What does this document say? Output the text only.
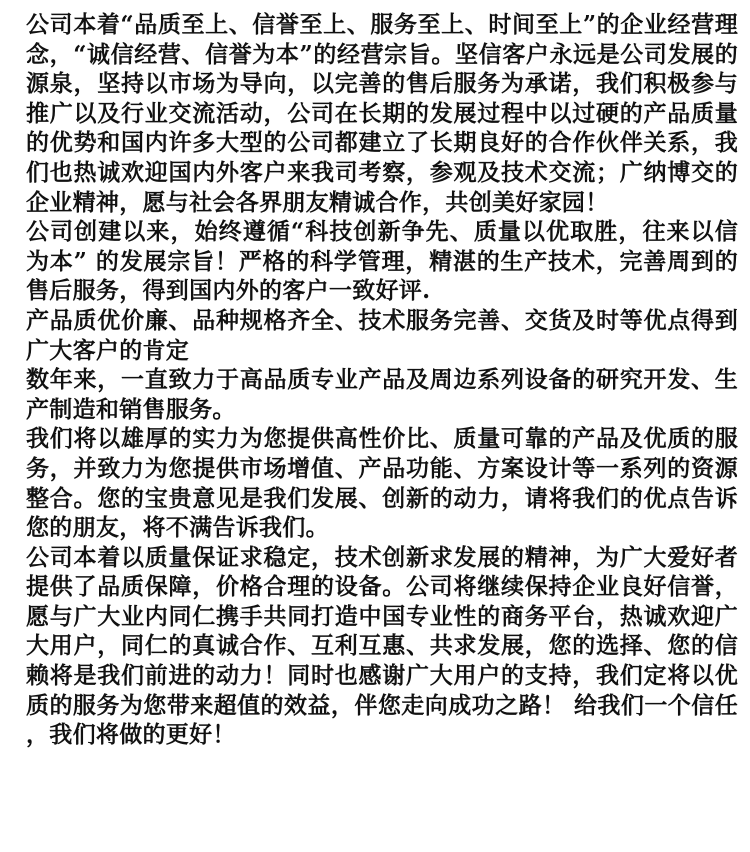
公司本着“品质至上、信誉至上、服务至上、时间至上”的企业经营理念，“诚信经营、信誉为本”的经营宗旨。坚信客户永远是公司发展的源泉，坚持以市场为导向，以完善的售后服务为承诺，我们积极参与推广以及行业交流活动，公司在长期的发展过程中以过硬的产品质量的优势和国内许多大型的公司都建立了长期良好的合作伙伴关系，我们也热诚欢迎国内外客户来我司考察，参观及技术交流；广纳博交的企业精神，愿与社会各界朋友精诚合作，共创美好家园！

公司创建以来，始终遵循“科技创新争先、质量以优取胜，往来以信为本” 的发展宗旨！严格的科学管理，精湛的生产技术，完善周到的售后服务，得到国内外的客户一致好评.

产品质优价廉、品种规格齐全、技术服务完善、交货及时等优点得到广大客户的肯定

数年来，一直致力于高品质专业产品及周边系列设备的研究开发、生产制造和销售服务。

我们将以雄厚的实力为您提供高性价比、质量可靠的产品及优质的服务，并致力为您提供市场增值、产品功能、方案设计等一系列的资源整合。您的宝贵意见是我们发展、创新的动力，请将我们的优点告诉您的朋友，将不满告诉我们。

公司本着以质量保证求稳定，技术创新求发展的精神，为广大爱好者提供了品质保障，价格合理的设备。公司将继续保持企业良好信誉，愿与广大业内同仁携手共同打造中国专业性的商务平台，热诚欢迎广大用户，同仁的真诚合作、互利互惠、共求发展，您的选择、您的信赖将是我们前进的动力！同时也感谢广大用户的支持，我们定将以优质的服务为您带来超值的效益，伴您走向成功之路！ 给我们一个信任，我们将做的更好！
